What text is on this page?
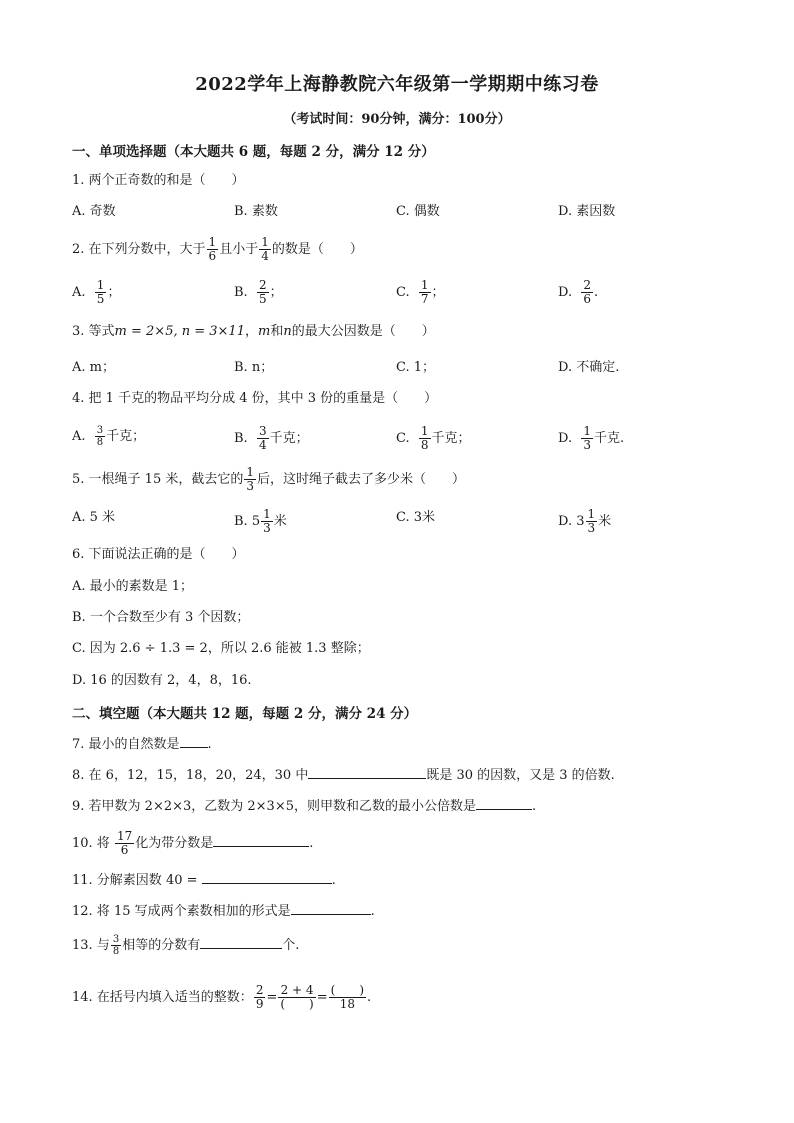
2022学年上海静教院六年级第一学期期中练习卷
（考试时间：90分钟，满分：100分）
一、单项选择题（本大题共 6 题，每题 2 分，满分 12 分）
1. 两个正奇数的和是（　　）
A. 奇数	B. 素数	C. 偶数	D. 素因数
2. 在下列分数中，大于 $\frac{1}{6}$ 且小于 $\frac{1}{4}$ 的数是（　　）
A. $\frac{1}{5}$ ；	B. $\frac{2}{5}$ ；	C. $\frac{1}{7}$ ；	D. $\frac{2}{6}$ .
3. 等式m = 2×5, n = 3×11，m和n的最大公因数是（　　）
A. m；	B. n；	C. 1；	D. 不确定.
4. 把 1 千克的物品平均分成 4 份，其中 3 份的重量是（　　）
A. $\frac{3}{8}$ 千克；	B. $\frac{3}{4}$ 千克；	C. $\frac{1}{8}$ 千克；	D. $\frac{1}{3}$ 千克.
5. 一根绳子 15 米，截去它的 $\frac{1}{3}$ 后，这时绳子截去了多少米（　　）
A. 5 米	B. $5 \frac{1}{3}$ 米	C. 3米	D. $3 \frac{1}{3}$ 米
6. 下面说法正确的是（　　）
A. 最小的素数是 1；
B. 一个合数至少有 3 个因数；
C. 因为 2.6 ÷ 1.3 = 2，所以 2.6 能被 1.3 整除；
D. 16 的因数有 2，4，8，16.
二、填空题（本大题共 12 题，每题 2 分，满分 24 分）
7. 最小的自然数是 .
8. 在 6，12，15，18，20，24，30 中	既是 30 的因数，又是 3 的倍数.
9. 若甲数为 2×2×3，乙数为 2×3×5，则甲数和乙数的最小公倍数是	.
10. 将 $\frac{17}{6}$ 化为带分数是	.
11. 分解素因数 40 =	.
12. 将 15 写成两个素数相加的形式是	.
13. 与 $\frac{3}{8}$ 相等的分数有	个.
14. 在括号内填入适当的整数： $\frac{2}{9} = \frac{2 + 4}{( )} = \frac{( )}{18}$ .
